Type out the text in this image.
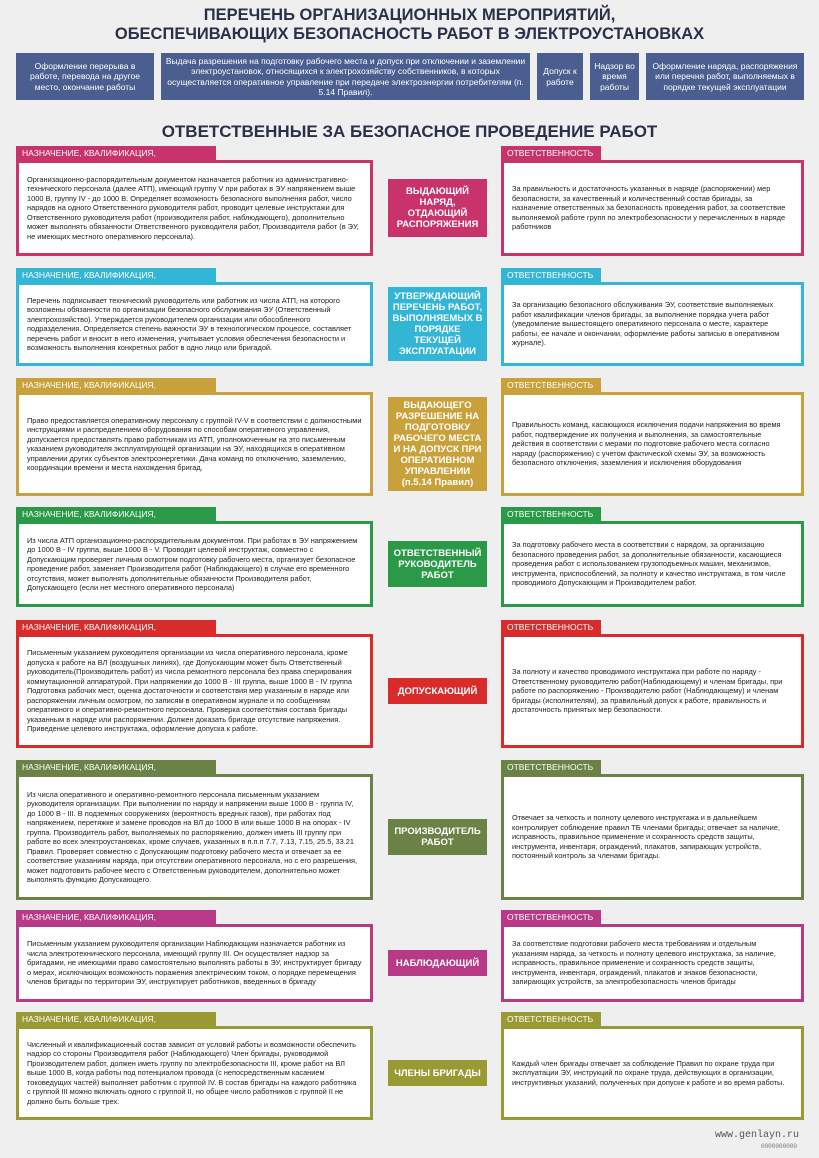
ПЕРЕЧЕНЬ ОРГАНИЗАЦИОННЫХ МЕРОПРИЯТИЙ,
ОБЕСПЕЧИВАЮЩИХ БЕЗОПАСНОСТЬ РАБОТ В ЭЛЕКТРОУСТАНОВКАХ
Оформление перерыва в работе, перевода на другое место, окончание работы
Выдача разрешения на подготовку рабочего места и допуск при отключении и заземлении электроустановок, относящихся к электрохозяйству собственников, в которых осуществляется оперативное управление при передаче электроэнергии потребителям (п. 5.14 Правил).
Допуск к работе
Надзор во время работы
Оформление наряда, распоряжения или перечня работ, выполняемых в порядке текущей эксплуатации
ОТВЕТСТВЕННЫЕ ЗА БЕЗОПАСНОЕ ПРОВЕДЕНИЕ РАБОТ
НАЗНАЧЕНИЕ, КВАЛИФИКАЦИЯ,
Организационно-распорядительным документом назначается работник из административно-технического персонала (далее АТП), имеющий группу V при работах в ЭУ напряжением выше 1000 В, группу IV - до 1000 В. Определяет возможность безопасного выполнения работ, число нарядов на одного Ответственного руководителя работ, проводит целевые инструктажи для Ответственного руководителя работ (производителя работ, наблюдающего), дополнительно может выполнять обязанности Ответственного руководителя работ, Производителя работ (в ЭУ, не имеющих местного оперативного персонала).
ВЫДАЮЩИЙ НАРЯД, ОТДАЮЩИЙ РАСПОРЯЖЕНИЯ
ОТВЕТСТВЕННОСТЬ
За правильность и достаточность указанных в наряде (распоряжении) мер безопасности, за качественный и количественный состав бригады, за назначение ответственных за безопасность проведения работ, за соответствие выполняемой работе групп по электробезопасности у перечисленных в наряде работников
НАЗНАЧЕНИЕ, КВАЛИФИКАЦИЯ,
Перечень подписывает технический руководитель или работник из числа АТП, на которого возложены обязанности по организации безопасного обслуживания ЭУ (Ответственный электрохозяйство). Утверждается руководителем организации или обособленного подразделения. Определяется степень важности ЭУ в технологическом процессе, составляет перечень работ и вносит в него изменения, учитывает условия обеспечения безопасности и возможность выполнения конкретных работ в одно лицо или бригадой.
УТВЕРЖДАЮЩИЙ ПЕРЕЧЕНЬ РАБОТ, ВЫПОЛНЯЕМЫХ В ПОРЯДКЕ ТЕКУЩЕЙ ЭКСПЛУАТАЦИИ
ОТВЕТСТВЕННОСТЬ
За организацию безопасного обслуживания ЭУ, соответствие выполняемых работ квалификации членов бригады, за выполнение порядка учета работ (уведомление вышестоящего оперативного персонала о месте, характере работы, ее начале и окончании, оформление работы записью в оперативном журнале).
НАЗНАЧЕНИЕ, КВАЛИФИКАЦИЯ,
Право предоставляется оперативному персоналу с группой IV-V в соответствии с должностными инструкциями и распределением оборудования по способам оперативного управления, допускается предоставлять право работникам из АТП, уполномоченным на это письменным указанием руководителя эксплуатирующей организации на ЭУ, находящихся в оперативном управлении других субъектов электроэнергетики. Дача команд по отключению, заземлению, координации времени и места нахождения бригад.
ВЫДАЮЩЕГО РАЗРЕШЕНИЕ НА ПОДГОТОВКУ РАБОЧЕГО МЕСТА И НА ДОПУСК ПРИ ОПЕРАТИВНОМ УПРАВЛЕНИИ (п.5.14 Правил)
ОТВЕТСТВЕННОСТЬ
Правильность команд, касающихся исключения подачи напряжения во время работ, подтверждение их получения и выполнения, за самостоятельные действия в соответствии с мерами по подготовке рабочего места согласно наряду (распоряжению) с учетом фактической схемы ЭУ, за возможность безопасного отключения, заземления и исключения оборудования
НАЗНАЧЕНИЕ, КВАЛИФИКАЦИЯ,
Из числа АТП организационно-распорядительным документом. При работах в ЭУ напряжением до 1000 В - IV группа, выше 1000 В - V. Проводит целевой инструктаж, совместно с Допускающим проверяет личным осмотром подготовку рабочего места, организует безопасное проведение работ, заменяет Производителя работ (Наблюдающего) в случае его временного отсутствия, может выполнять дополнительные обязанности Производителя работ, Допускающего (если нет местного оперативного персонала)
ОТВЕТСТВЕННЫЙ РУКОВОДИТЕЛЬ РАБОТ
ОТВЕТСТВЕННОСТЬ
За подготовку рабочего места в соответствии с нарядом, за организацию безопасного проведения работ, за дополнительные обязанности, касающиеся проведения работ с использованием грузоподъемных машин, механизмов, инструмента, приспособлений, за полноту и качество инструктажа, в том числе проводимого Допускающим и Производителем работ.
НАЗНАЧЕНИЕ, КВАЛИФИКАЦИЯ,
Письменным указанием руководителя организации из числа оперативного персонала, кроме допуска к работе на ВЛ (воздушных линиях), где Допускающим может быть Ответственный руководитель(Производитель работ) из числа ремонтного персонала без права сперирования коммутационной аппаратурой. При напряжении до 1000 В - III группа, выше 1000 В - IV группа Подготовка рабочих мест, оценка достаточности и соответствия мер указанным в наряде или распоряжении личным осмотром, по записям в оперативном журнале и по сообщениям оперативного и оперативно-ремонтного персонала. Проверка соответствия состава бригады указанным в наряде или распоряжении. Должен доказать бригаде отсутствие напряжения. Приведение целевого инструктажа, оформление допуска к работе.
ДОПУСКАЮЩИЙ
ОТВЕТСТВЕННОСТЬ
За полноту и качество проводимого инструктажа при работе по наряду - Ответственному руководителю работ(Наблюдающему) и членам бригады, при работе по распоряжению - Производителю работ (Наблюдающему) и членам бригады (исполнителям), за правильный допуск к работе, правильность и достаточность принятых мер безопасности.
НАЗНАЧЕНИЕ, КВАЛИФИКАЦИЯ,
Из числа оперативного и оперативно-ремонтного персонала письменным указанием руководителя организации. При выполнении по наряду и напряжении выше 1000 В - группа IV, до 1000 В - III. В подземных сооружениях (вероятность вредных газов), при работах под напряжением, перетяжке и замене проводов на ВЛ до 1000 В или выше 1000 В на опорах - IV группа. Производитель работ, выполняемых по распоряжению, должен иметь III группу при работе во всех электроустановках, кроме случаев, указанных в п.п.п 7.7, 7.13, 7.15, 25.5, 33.21 Правил. Проверяет совместно с Допускающим подготовку рабочего места и отвечает за ее соответствие указаниям наряда, при отсутствии оперативного персонала, но с его разрешения, может подготовить рабочее место с Ответственным руководителем, дополнительно может выполнять функцию Допускающего.
ПРОИЗВОДИТЕЛЬ РАБОТ
ОТВЕТСТВЕННОСТЬ
Отвечает за четкость и полноту целевого инструктажа и в дальнейшем контролирует соблюдение правил ТБ членами бригады; отвечает за наличие, исправность, правильное применение и сохранность средств защиты, инструмента, инвентаря, ограждений, плакатов, запирающих устройств, постоянный контроль за членами бригады.
НАЗНАЧЕНИЕ, КВАЛИФИКАЦИЯ,
Письменным указанием руководителя организации Наблюдающим назначается работник из числа электротехнического персонала, имеющий группу III. Он осуществляет надзор за бригадами, не имеющими право самостоятельно выполнять работы в ЭУ, инструктирует бригаду о мерах, исключающих возможность поражения электрическим током, о порядке перемещения членов бригады по территории ЭУ, инструктирует работников, введенных в бригаду
НАБЛЮДАЮЩИЙ
ОТВЕТСТВЕННОСТЬ
За соответствие подготовки рабочего места требованиям и отдельным указаниям наряда, за четкость и полноту целевого инструктажа, за наличие, исправность, правильное применение и сохранность средств защиты, инструмента, инвентаря, ограждений, плакатов и знаков безопасности, запирающих устройств, за электробезопасность членов бригады
НАЗНАЧЕНИЕ, КВАЛИФИКАЦИЯ,
Численный и квалификационный состав зависит от условий работы и возможности обеспечить надзор со стороны Производителя работ (Наблюдающего) Член бригады, руководимой Производителем работ, должен иметь группу по электробезопасности III, кроме работ на ВЛ выше 1000 В, когда работы под потенциалом провода (с непосредственным касанием токоведущих частей) выполняет работник с группой IV. В состав бригады на каждого работника с группой III можно включать одного с группой II, но общее число работников с группой II не должно быть больше трех.
ЧЛЕНЫ БРИГАДЫ
ОТВЕТСТВЕННОСТЬ
Каждый член бригады отвечает за соблюдение Правил по охране труда при эксплуатации ЭУ, инструкций по охране труда, действующих в организации, инструктивных указаний, полученных при допуске к работе и во время работы.
www.genlayn.ru
0000000000
